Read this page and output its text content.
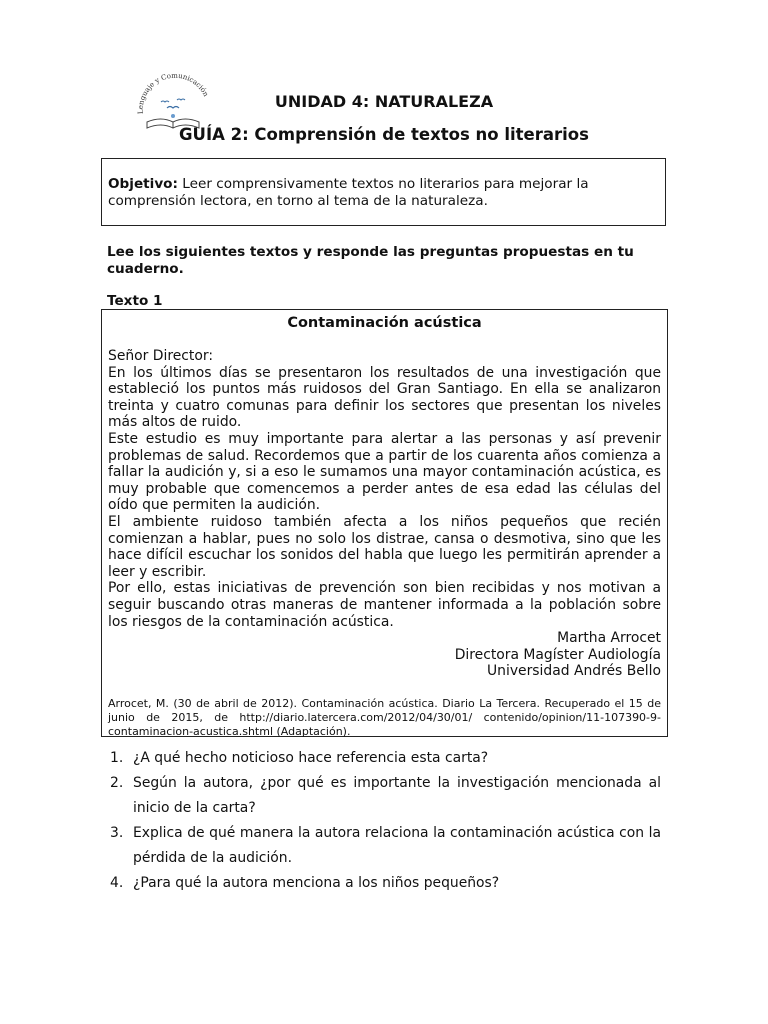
Lenguaje y Comunicación	UNIDAD 4: NATURALEZA
GUÍA 2: Comprensión de textos no literarios
Objetivo: Leer comprensivamente textos no literarios para mejorar la comprensión lectora, en torno al tema de la naturaleza.
Lee los siguientes textos y responde las preguntas propuestas en tu cuaderno.
Texto 1
Contaminación acústica

Señor Director:

En los últimos días se presentaron los resultados de una investigación que estableció los puntos más ruidosos del Gran Santiago. En ella se analizaron treinta y cuatro comunas para definir los sectores que presentan los niveles más altos de ruido.

Este estudio es muy importante para alertar a las personas y así prevenir problemas de salud. Recordemos que a partir de los cuarenta años comienza a fallar la audición y, si a eso le sumamos una mayor contaminación acústica, es muy probable que comencemos a perder antes de esa edad las células del oído que permiten la audición.

El ambiente ruidoso también afecta a los niños pequeños que recién comienzan a hablar, pues no solo los distrae, cansa o desmotiva, sino que les hace difícil escuchar los sonidos del habla que luego les permitirán aprender a leer y escribir.

Por ello, estas iniciativas de prevención son bien recibidas y nos motivan a seguir buscando otras maneras de mantener informada a la población sobre los riesgos de la contaminación acústica.

Martha Arrocet
Directora Magíster Audiología
Universidad Andrés Bello
Arrocet, M. (30 de abril de 2012). Contaminación acústica. Diario La Tercera. Recuperado el 15 de junio de 2015, de http://diario.latercera.com/2012/04/30/01/ contenido/opinion/11-107390-9-contaminacion-acustica.shtml (Adaptación).
1. ¿A qué hecho noticioso hace referencia esta carta?
2. Según la autora, ¿por qué es importante la investigación mencionada al inicio de la carta?
3. Explica de qué manera la autora relaciona la contaminación acústica con la pérdida de la audición.
4. ¿Para qué la autora menciona a los niños pequeños?
